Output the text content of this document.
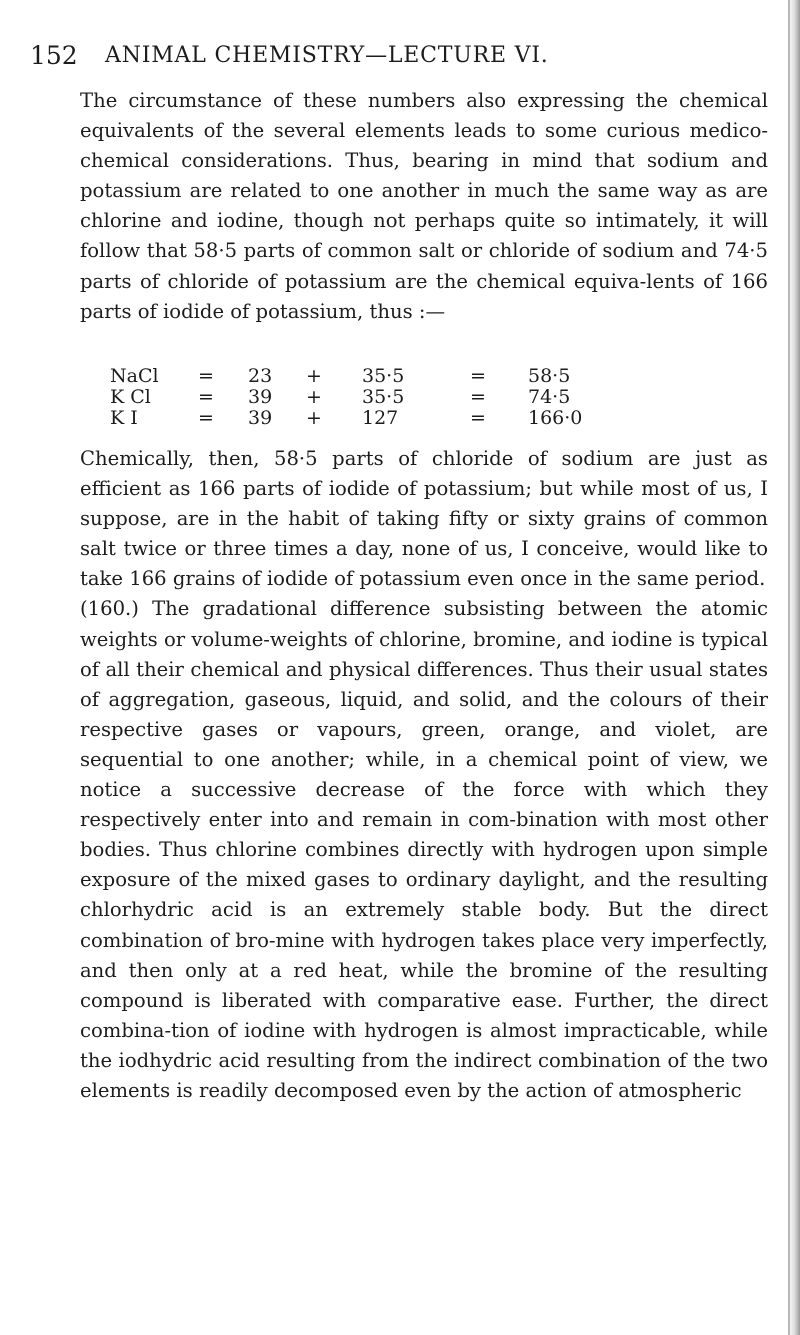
152 ANIMAL CHEMISTRY—LECTURE VI.

The circumstance of these numbers also expressing the chemical equivalents of the several elements leads to some curious medico-chemical considerations. Thus, bearing in mind that sodium and potassium are related to one another in much the same way as are chlorine and iodine, though not perhaps quite so intimately, it will follow that 58·5 parts of common salt or chloride of sodium and 74·5 parts of chloride of potassium are the chemical equiva-lents of 166 parts of iodide of potassium, thus :—

NaCl = 23 + 35·5	= 58·5
K Cl = 39 + 35·5	= 74·5
K I	= 39 + 127	= 166·0

Chemically, then, 58·5 parts of chloride of sodium are just as efficient as 166 parts of iodide of potassium; but while most of us, I suppose, are in the habit of taking fifty or sixty grains of common salt twice or three times a day, none of us, I conceive, would like to take 166 grains of iodide of potassium even once in the same period.

(160.) The gradational difference subsisting between the atomic weights or volume-weights of chlorine, bromine, and iodine is typical of all their chemical and physical differences. Thus their usual states of aggregation, gaseous, liquid, and solid, and the colours of their respective gases or vapours, green, orange, and violet, are sequential to one another; while, in a chemical point of view, we notice a successive decrease of the force with which they respectively enter into and remain in com-bination with most other bodies. Thus chlorine combines directly with hydrogen upon simple exposure of the mixed gases to ordinary daylight, and the resulting chlorhydric acid is an extremely stable body. But the direct combination of bro-mine with hydrogen takes place very imperfectly, and then only at a red heat, while the bromine of the resulting compound is liberated with comparative ease. Further, the direct combina-tion of iodine with hydrogen is almost impracticable, while the iodhydric acid resulting from the indirect combination of the two elements is readily decomposed even by the action of atmospheric
